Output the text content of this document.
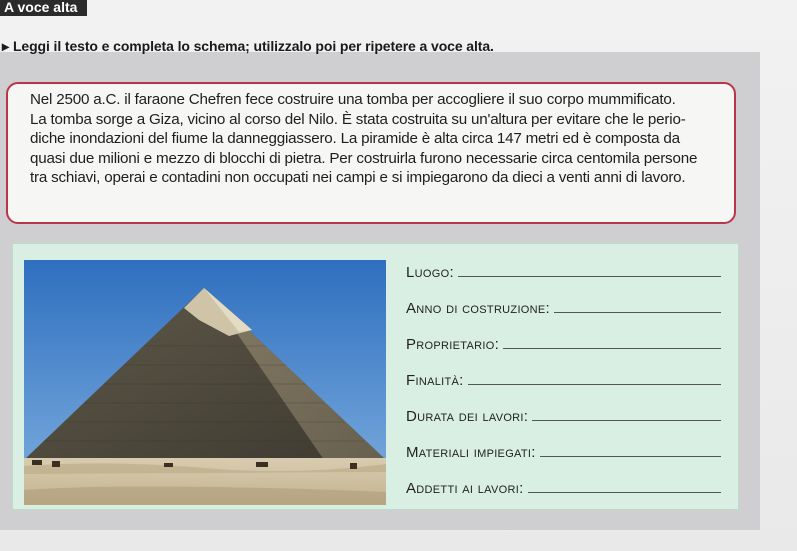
A voce alta
▸ Leggi il testo e completa lo schema; utilizzalo poi per ripetere a voce alta.

Nel 2500 a.C. il faraone Chefren fece costruire una tomba per accogliere il suo corpo mummificato.

La tomba sorge a Giza, vicino al corso del Nilo. È stata costruita su un'altura per evitare che le perio-

diche inondazioni del fiume la danneggiassero. La piramide è alta circa 147 metri ed è composta da

quasi due milioni e mezzo di blocchi di pietra. Per costruirla furono necessarie circa centomila persone

tra schiavi, operai e contadini non occupati nei campi e si impiegarono da dieci a venti anni di lavoro.

Luogo:
Anno di costruzione:
Proprietario:
Finalità:
Durata dei lavori:
Materiali impiegati:
Addetti ai lavori:
